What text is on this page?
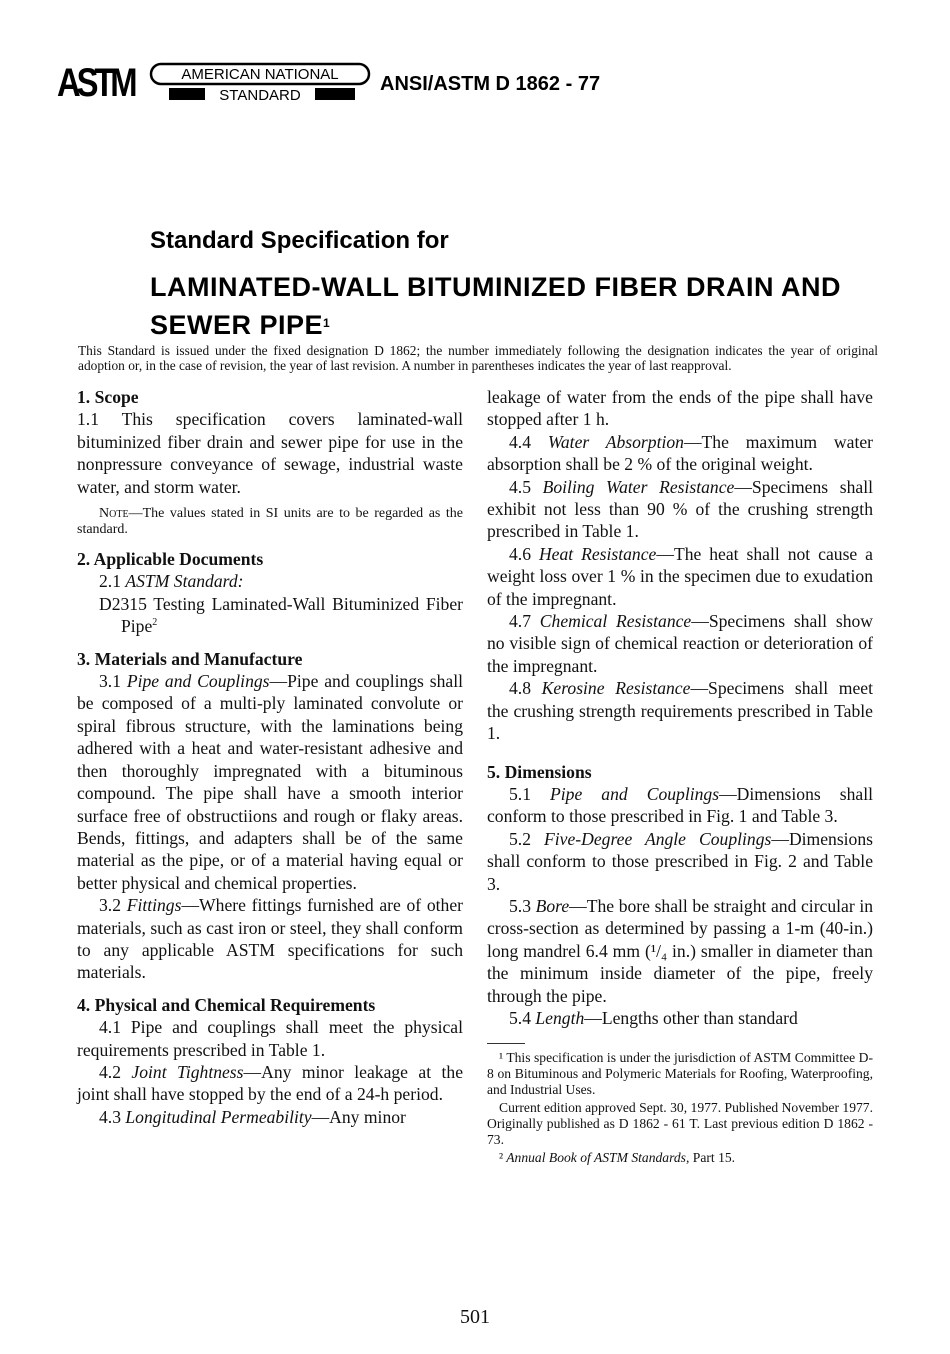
ASTM	AMERICAN NATIONAL
STANDARD
ANSI/ASTM D 1862 - 77
Standard Specification for
LAMINATED-WALL BITUMINIZED FIBER DRAIN AND SEWER PIPE$^1$
This Standard is issued under the fixed designation D 1862; the number immediately following the designation indicates the year of original adoption or, in the case of revision, the year of last revision. A number in parentheses indicates the year of last reapproval.
1. Scope

1.1 This specification covers laminated-wall bituminized fiber drain and sewer pipe for use in the nonpressure conveyance of sewage, industrial waste water, and storm water.

Note—The values stated in SI units are to be regarded as the standard.

2. Applicable Documents

2.1 ASTM Standard:

D2315 Testing Laminated-Wall Bituminized Fiber Pipe$^2$

3. Materials and Manufacture

3.1 Pipe and Couplings—Pipe and couplings shall be composed of a multi-ply laminated convolute or spiral fibrous structure, with the laminations being adhered with a heat and water-resistant adhesive and then thoroughly impregnated with a bituminous compound. The pipe shall have a smooth interior surface free of obstructiions and rough or flaky areas. Bends, fittings, and adapters shall be of the same material as the pipe, or of a material having equal or better physical and chemical properties.

3.2 Fittings—Where fittings furnished are of other materials, such as cast iron or steel, they shall conform to any applicable ASTM specifications for such materials.

4. Physical and Chemical Requirements

4.1 Pipe and couplings shall meet the physical requirements prescribed in Table 1.

4.2 Joint Tightness—Any minor leakage at the joint shall have stopped by the end of a 24-h period.

4.3 Longitudinal Permeability—Any minor

leakage of water from the ends of the pipe shall have stopped after 1 h.

4.4 Water Absorption—The maximum water absorption shall be 2 % of the original weight.

4.5 Boiling Water Resistance—Specimens shall exhibit not less than 90 % of the crushing strength prescribed in Table 1.

4.6 Heat Resistance—The heat shall not cause a weight loss over 1 % in the specimen due to exudation of the impregnant.

4.7 Chemical Resistance—Specimens shall show no visible sign of chemical reaction or deterioration of the impregnant.

4.8 Kerosine Resistance—Specimens shall meet the crushing strength requirements prescribed in Table 1.

5. Dimensions

5.1 Pipe and Couplings—Dimensions shall conform to those prescribed in Fig. 1 and Table 3.

5.2 Five-Degree Angle Couplings—Dimensions shall conform to those prescribed in Fig. 2 and Table 3.

5.3 Bore—The bore shall be straight and circular in cross-section as determined by passing a 1-m (40-in.) long mandrel 6.4 mm (¹/₄ in.) smaller in diameter than the minimum inside diameter of the pipe, freely through the pipe.

5.4 Length—Lengths other than standard

¹ This specification is under the jurisdiction of ASTM Committee D-8 on Bituminous and Polymeric Materials for Roofing, Waterproofing, and Industrial Uses.

Current edition approved Sept. 30, 1977. Published November 1977. Originally published as D 1862 - 61 T. Last previous edition D 1862 - 73.

² Annual Book of ASTM Standards, Part 15.

501
